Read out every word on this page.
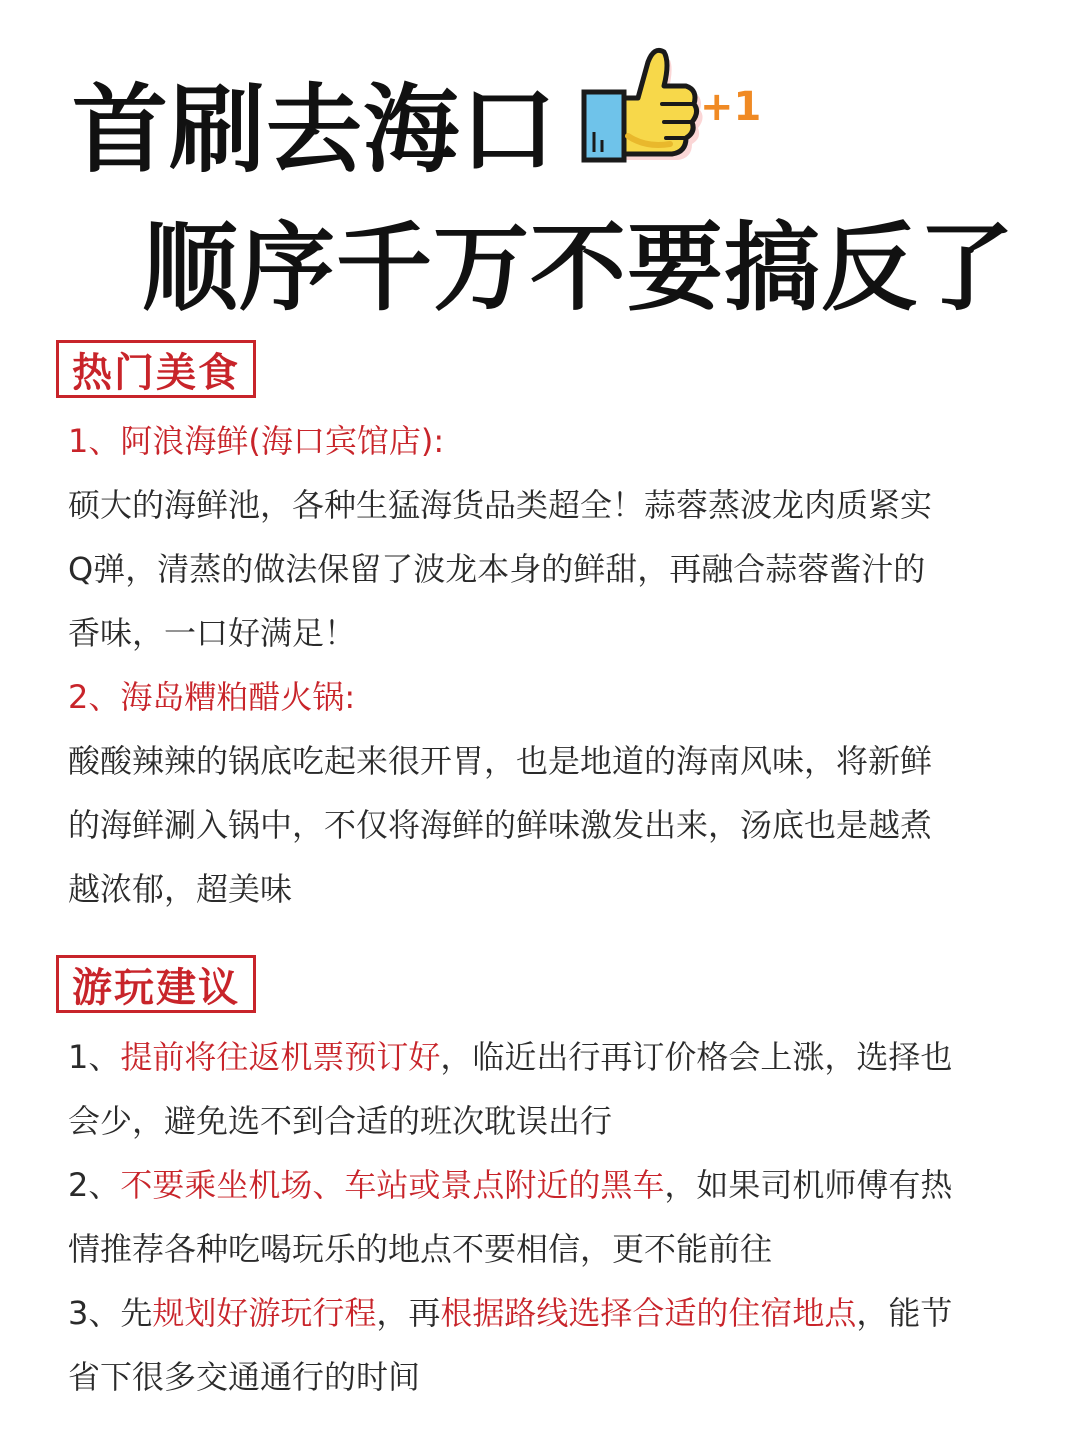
首刷去海口
顺序千万不要搞反了
+1
热门美食
1、阿浪海鲜(海口宾馆店):
硕大的海鲜池，各种生猛海货品类超全！蒜蓉蒸波龙肉质紧实
Q弹，清蒸的做法保留了波龙本身的鲜甜，再融合蒜蓉酱汁的
香味，一口好满足！
2、海岛糟粕醋火锅:
酸酸辣辣的锅底吃起来很开胃，也是地道的海南风味，将新鲜
的海鲜涮入锅中，不仅将海鲜的鲜味激发出来，汤底也是越煮
越浓郁，超美味
游玩建议
1、提前将往返机票预订好，临近出行再订价格会上涨，选择也
会少，避免选不到合适的班次耽误出行
2、不要乘坐机场、车站或景点附近的黑车，如果司机师傅有热
情推荐各种吃喝玩乐的地点不要相信，更不能前往
3、先规划好游玩行程，再根据路线选择合适的住宿地点，能节
省下很多交通通行的时间
